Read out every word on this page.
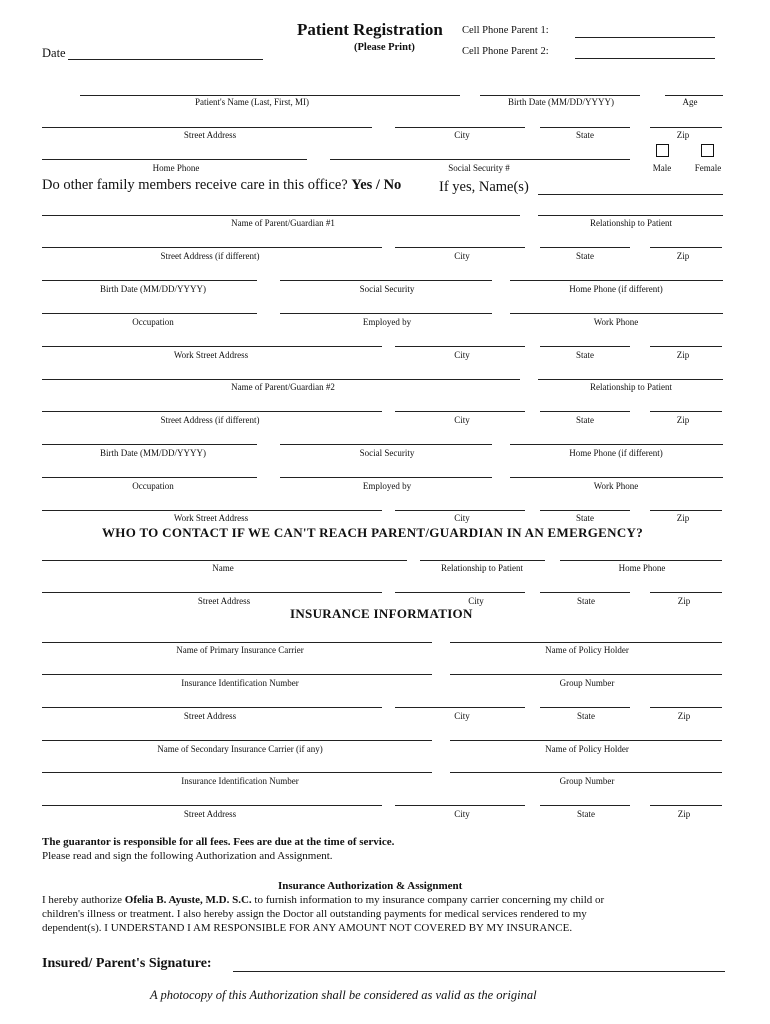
Patient Registration
(Please Print)
Cell Phone Parent 1:
Cell Phone Parent 2:
Date
Patient's Name (Last, First, MI)	Birth Date (MM/DD/YYYY)	Age
Street Address	City	State	Zip
Home Phone	Social Security #	Male	Female
Do other family members receive care in this office? Yes / No	If yes, Name(s)
Name of Parent/Guardian #1	Relationship to Patient
Street Address (if different)	City	State	Zip
Birth Date (MM/DD/YYYY)	Social Security	Home Phone (if different)
Occupation	Employed by	Work Phone
Work Street Address	City	State	Zip
Name of Parent/Guardian #2	Relationship to Patient
Street Address (if different)	City	State	Zip
Birth Date (MM/DD/YYYY)	Social Security	Home Phone (if different)
Occupation	Employed by	Work Phone
Work Street Address	City	State	Zip
WHO TO CONTACT IF WE CAN'T REACH PARENT/GUARDIAN IN AN EMERGENCY?
Name	Relationship to Patient	Home Phone
Street Address	City	State	Zip
INSURANCE INFORMATION
Name of Primary Insurance Carrier	Name of Policy Holder
Insurance Identification Number	Group Number
Street Address	City	State	Zip
Name of Secondary Insurance Carrier (if any)	Name of Policy Holder
Insurance Identification Number	Group Number
Street Address	City	State	Zip
The guarantor is responsible for all fees. Fees are due at the time of service.
Please read and sign the following Authorization and Assignment.
Insurance Authorization & Assignment
I hereby authorize Ofelia B. Ayuste, M.D. S.C. to furnish information to my insurance company carrier concerning my child or
children's illness or treatment. I also hereby assign the Doctor all outstanding payments for medical services rendered to my
dependent(s). I UNDERSTAND I AM RESPONSIBLE FOR ANY AMOUNT NOT COVERED BY MY INSURANCE.
Insured/ Parent's Signature:
A photocopy of this Authorization shall be considered as valid as the original
